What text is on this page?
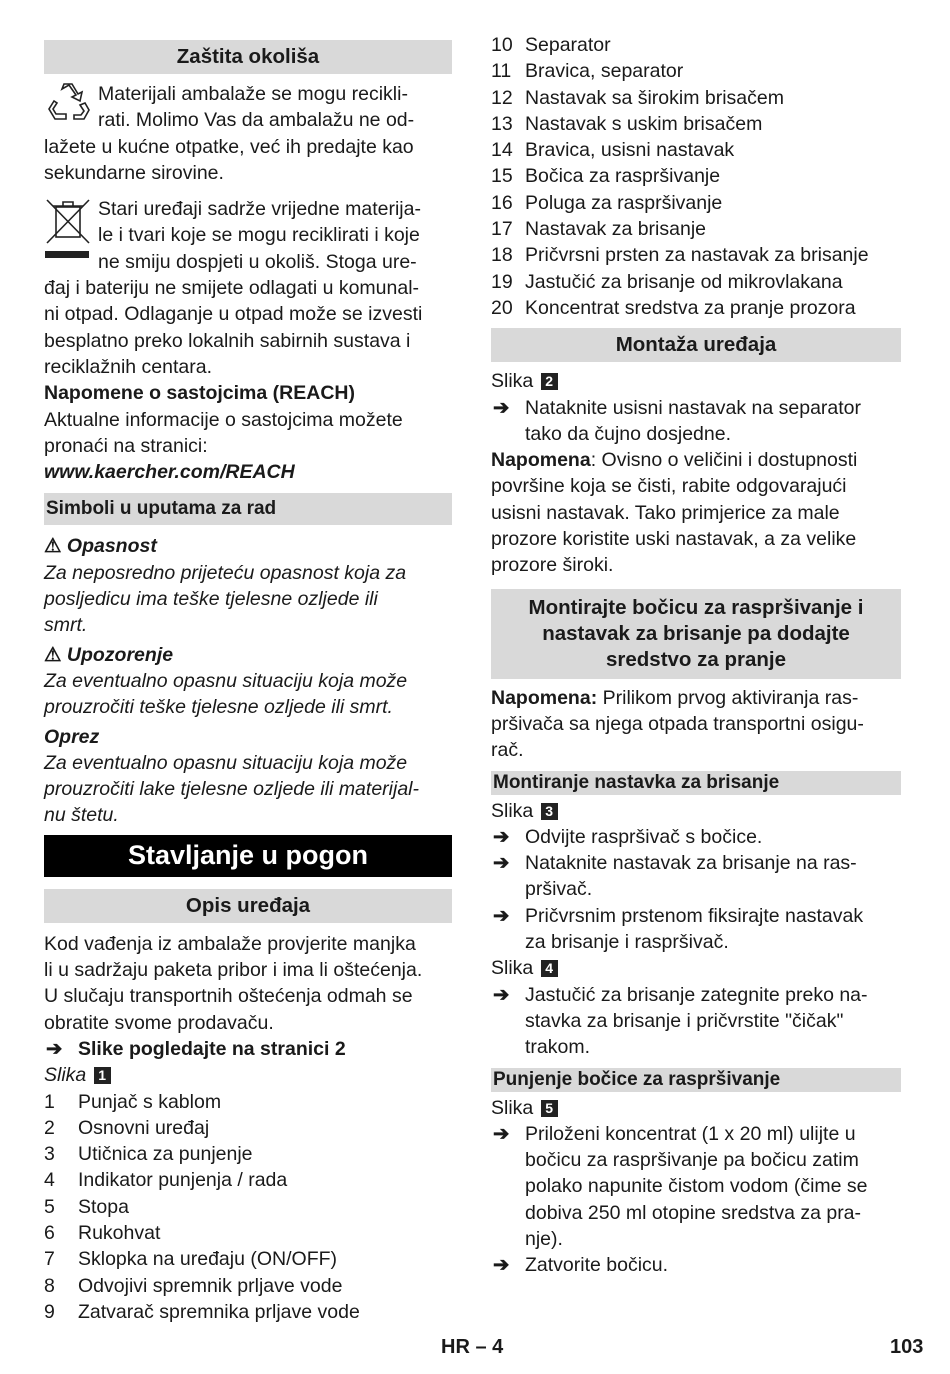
Zaštita okoliša
Materijali ambalaže se mogu recikli-
rati. Molimo Vas da ambalažu ne od-
lažete u kućne otpatke, već ih predajte kao
sekundarne sirovine.
Stari uređaji sadrže vrijedne materija-
le i tvari koje se mogu reciklirati i koje
ne smiju dospjeti u okoliš. Stoga ure-
đaj i bateriju ne smijete odlagati u komunal-
ni otpad. Odlaganje u otpad može se izvesti
besplatno preko lokalnih sabirnih sustava i
reciklažnih centara.
Napomene o sastojcima (REACH)
Aktualne informacije o sastojcima možete
pronaći na stranici:
www.kaercher.com/REACH
Simboli u uputama za rad
⚠ Opasnost
Za neposredno prijeteću opasnost koja za
posljedicu ima teške tjelesne ozljede ili
smrt.
⚠ Upozorenje
Za eventualno opasnu situaciju koja može
prouzročiti teške tjelesne ozljede ili smrt.
Oprez
Za eventualno opasnu situaciju koja može
prouzročiti lake tjelesne ozljede ili materijal-
nu štetu.
Stavljanje u pogon
Opis uređaja
Kod vađenja iz ambalaže provjerite manjka
li u sadržaju paketa pribor i ima li oštećenja.
U slučaju transportnih oštećenja odmah se
obratite svome prodavaču.
➔ Slike pogledajte na stranici 2
Slika 1
1 Punjač s kablom
2 Osnovni uređaj
3 Utičnica za punjenje
4 Indikator punjenja / rada
5 Stopa
6 Rukohvat
7 Sklopka na uređaju (ON/OFF)
8 Odvojivi spremnik prljave vode
9 Zatvarač spremnika prljave vode
10 Separator
11 Bravica, separator
12 Nastavak sa širokim brisačem
13 Nastavak s uskim brisačem
14 Bravica, usisni nastavak
15 Bočica za raspršivanje
16 Poluga za raspršivanje
17 Nastavak za brisanje
18 Pričvrsni prsten za nastavak za brisanje
19 Jastučić za brisanje od mikrovlakana
20 Koncentrat sredstva za pranje prozora
Montaža uređaja
Slika 2
➔ Nataknite usisni nastavak na separator
tako da čujno dosjedne.
Napomena: Ovisno o veličini i dostupnosti
površine koja se čisti, rabite odgovarajući
usisni nastavak. Tako primjerice za male
prozore koristite uski nastavak, a za velike
prozore široki.
Montirajte bočicu za raspršivanje i
nastavak za brisanje pa dodajte
sredstvo za pranje
Napomena: Prilikom prvog aktiviranja ras-
pršivača sa njega otpada transportni osigu-
rač.
Montiranje nastavka za brisanje
Slika 3
➔ Odvijte raspršivač s bočice.
➔ Nataknite nastavak za brisanje na ras-
pršivač.
➔ Pričvrsnim prstenom fiksirajte nastavak
za brisanje i raspršivač.
Slika 4
➔ Jastučić za brisanje zategnite preko na-
stavka za brisanje i pričvrstite "čičak"
trakom.
Punjenje bočice za raspršivanje
Slika 5
➔ Priloženi koncentrat (1 x 20 ml) ulijte u
bočicu za raspršivanje pa bočicu zatim
polako napunite čistom vodom (čime se
dobiva 250 ml otopine sredstva za pra-
nje).
➔ Zatvorite bočicu.
HR – 4	103
